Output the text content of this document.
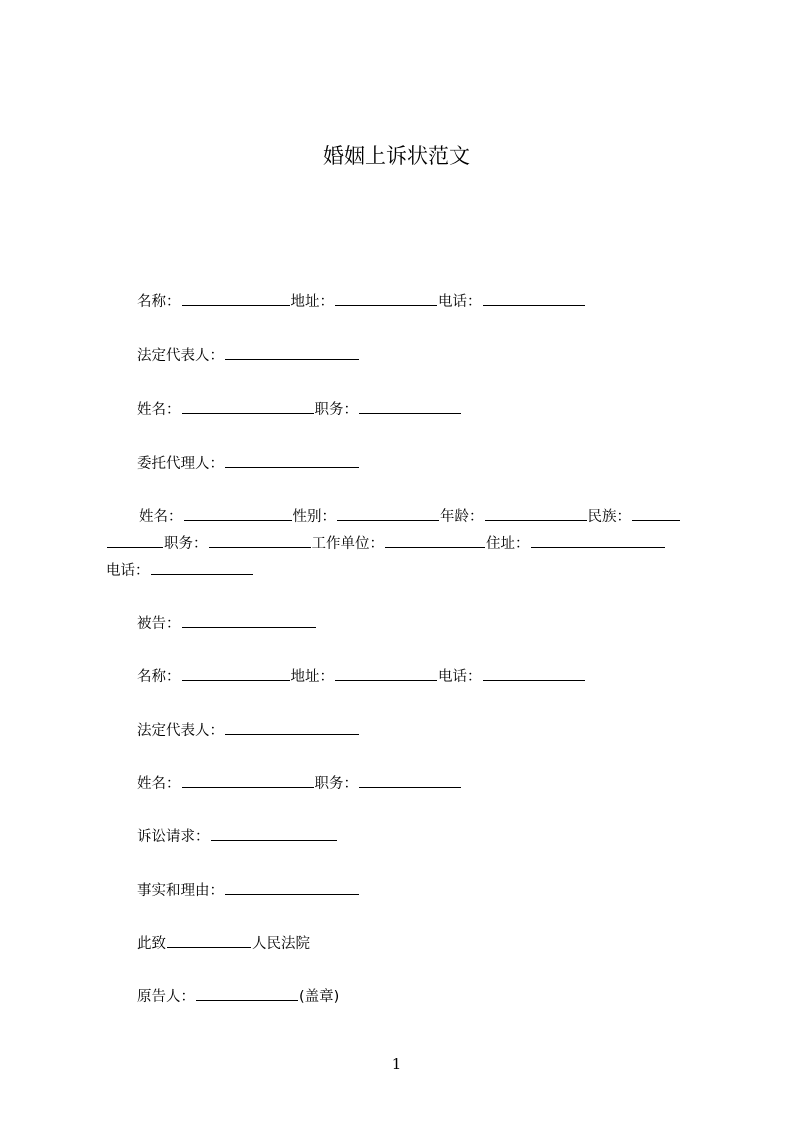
婚姻上诉状范文
名称：	地址：	电话：
法定代表人：
姓名：	职务：
委托代理人：
姓名：	性别：	年龄：	民族：
职务：	工作单位：	住址：
电话：
被告：
名称：	地址：	电话：
法定代表人：
姓名：	职务：
诉讼请求：
事实和理由：
此致	人民法院
原告人：	(盖章)
1
